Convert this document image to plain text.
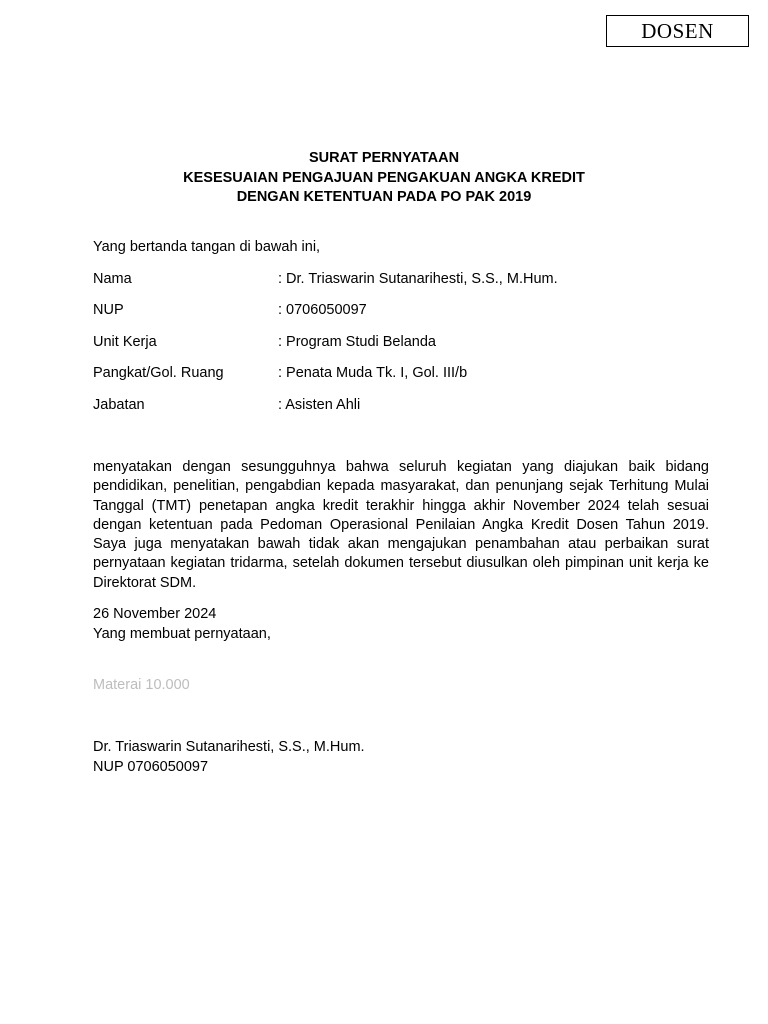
DOSEN
SURAT PERNYATAAN
KESESUAIAN PENGAJUAN PENGAKUAN ANGKA KREDIT
DENGAN KETENTUAN PADA PO PAK 2019
Yang bertanda tangan di bawah ini,
Nama	: Dr. Triaswarin Sutanarihesti, S.S., M.Hum.
NUP	: 0706050097
Unit Kerja	: Program Studi Belanda
Pangkat/Gol. Ruang	: Penata Muda Tk. I, Gol. III/b
Jabatan	: Asisten Ahli
menyatakan dengan sesungguhnya bahwa seluruh kegiatan yang diajukan baik bidang pendidikan, penelitian, pengabdian kepada masyarakat, dan penunjang sejak Terhitung Mulai Tanggal (TMT) penetapan angka kredit terakhir hingga akhir November 2024 telah sesuai dengan ketentuan pada Pedoman Operasional Penilaian Angka Kredit Dosen Tahun 2019. Saya juga menyatakan bawah tidak akan mengajukan penambahan atau perbaikan surat pernyataan kegiatan tridarma, setelah dokumen tersebut diusulkan oleh pimpinan unit kerja ke Direktorat SDM.
26 November 2024
Yang membuat pernyataan,
Materai 10.000
Dr. Triaswarin Sutanarihesti, S.S., M.Hum.
NUP 0706050097
